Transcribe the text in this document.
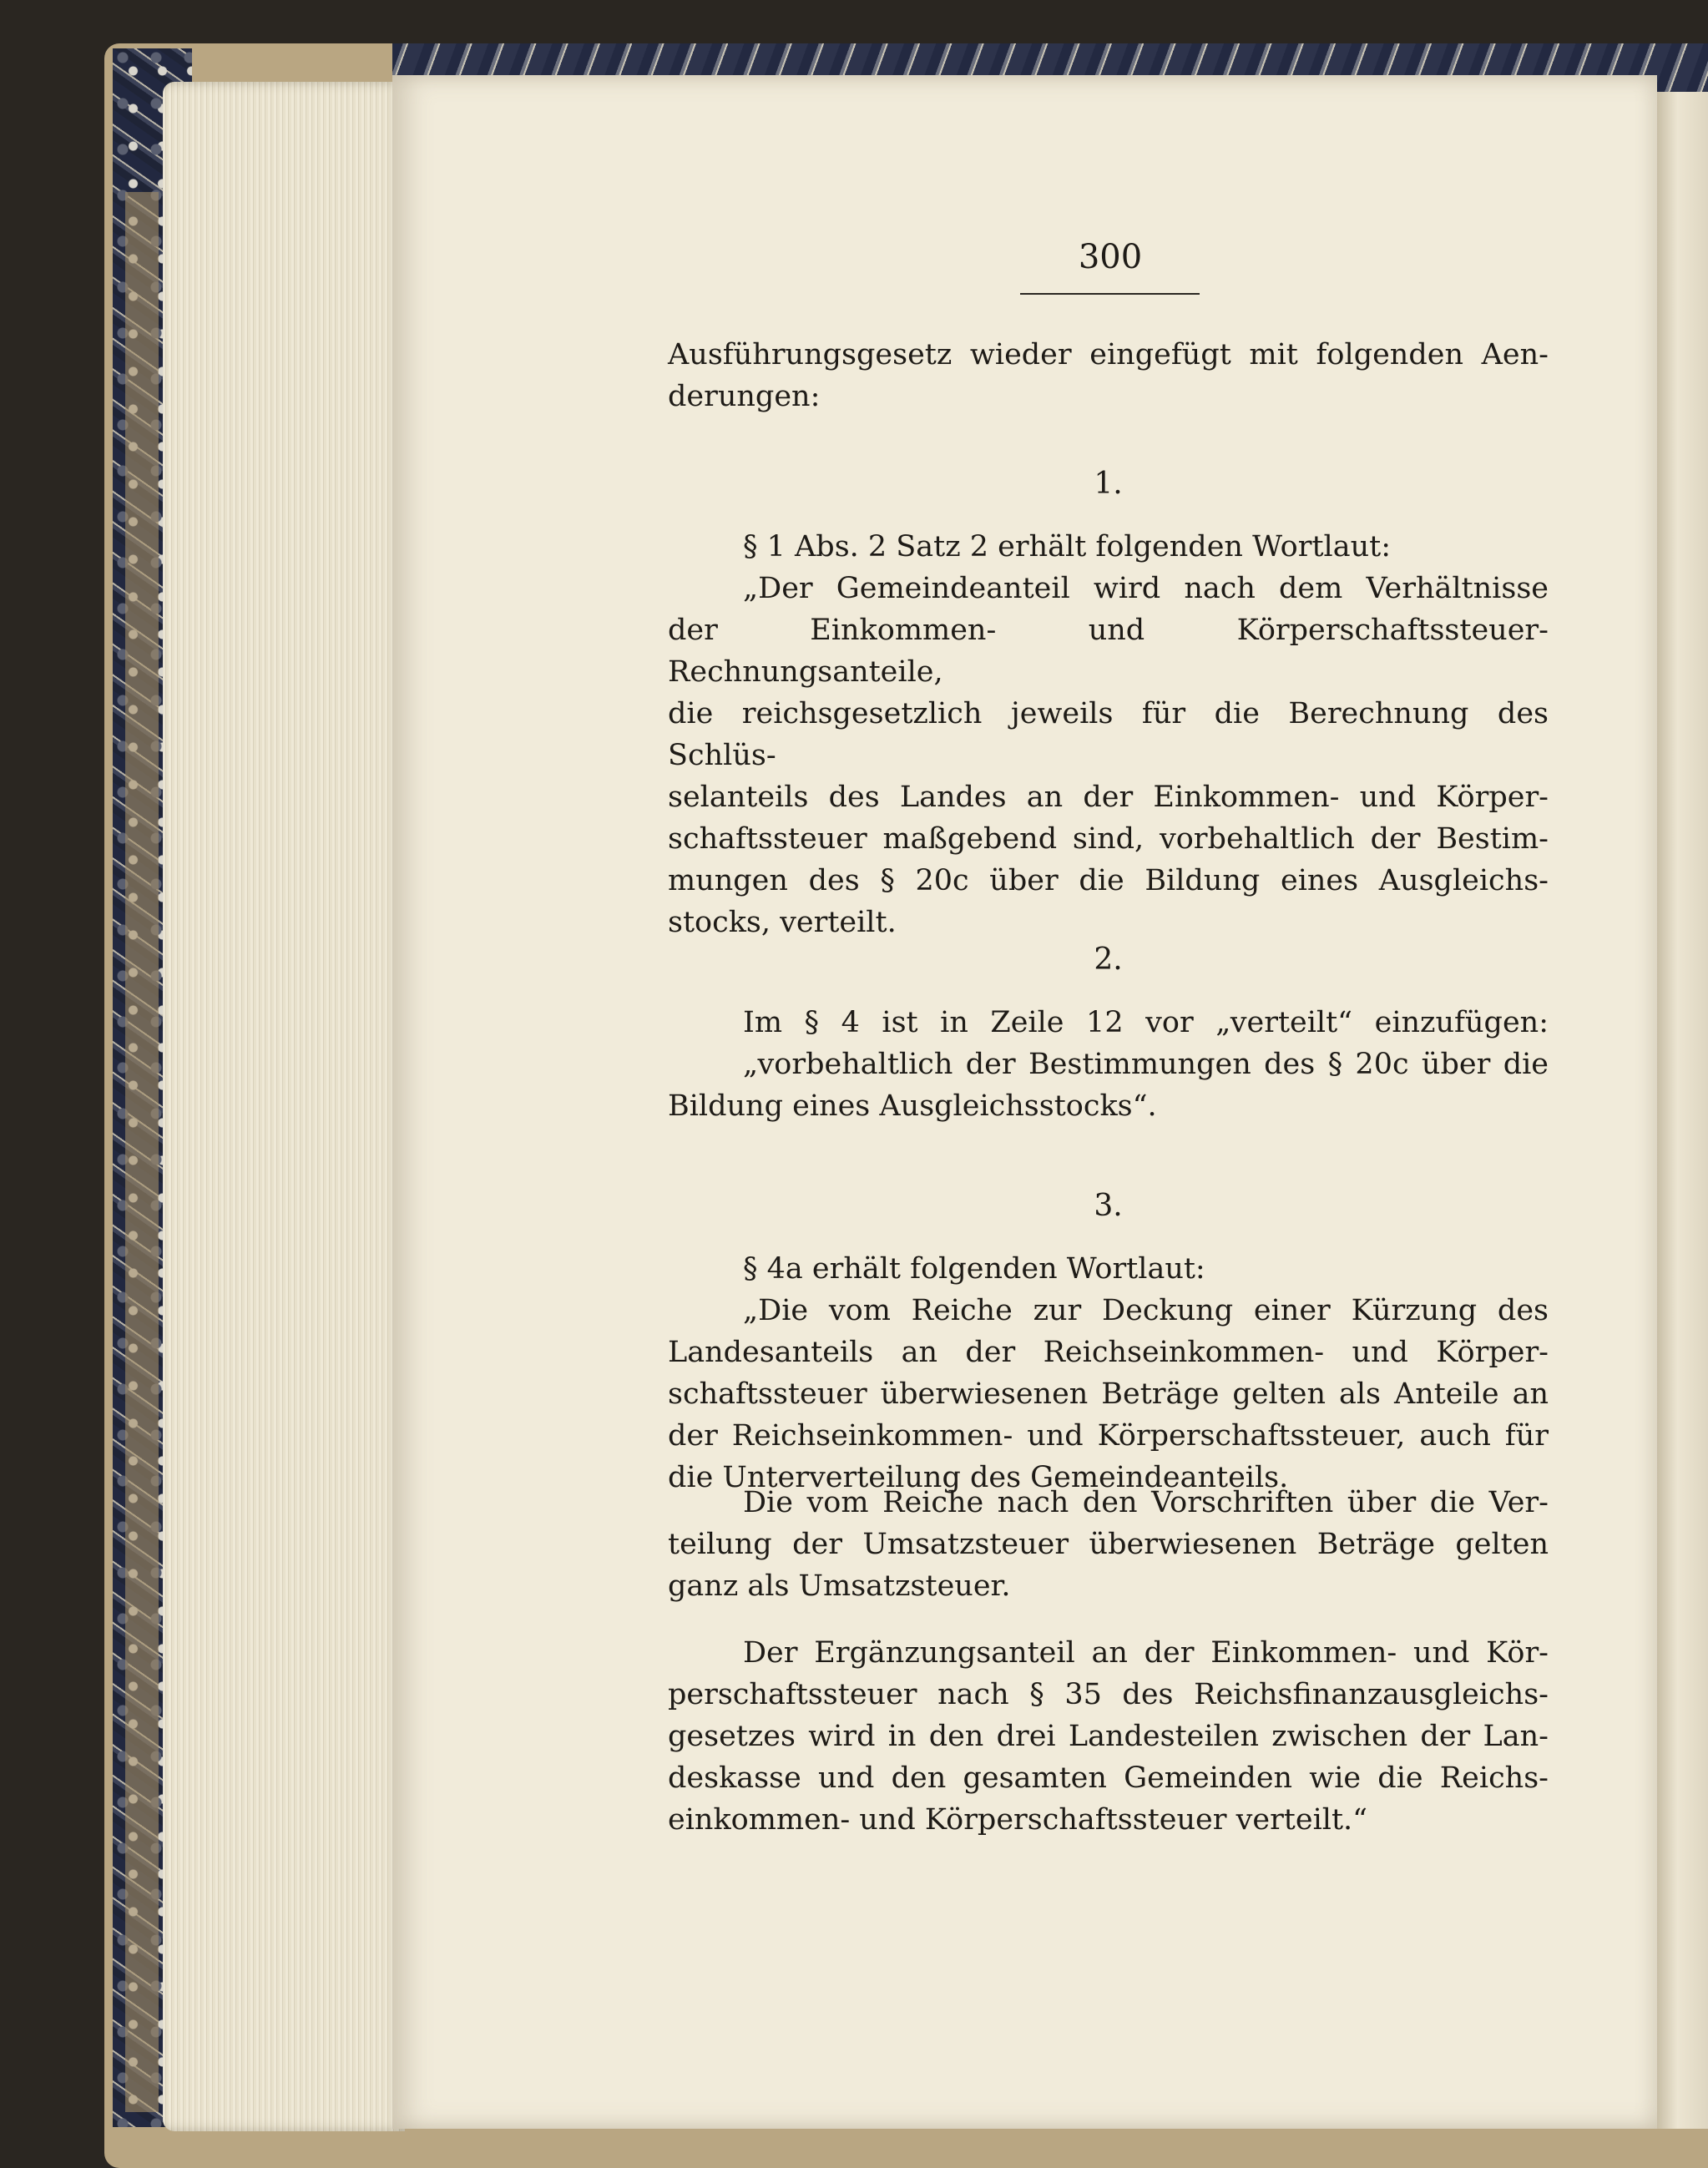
300

Ausführungsgesetz wieder eingefügt mit folgenden Aen-

derungen:

1.

§ 1 Abs. 2 Satz 2 erhält folgenden Wortlaut:

„Der Gemeindeanteil wird nach dem Verhältnisse

der Einkommen- und Körperschaftssteuer-Rechnungsanteile,

die reichsgesetzlich jeweils für die Berechnung des Schlüs-

selanteils des Landes an der Einkommen- und Körper-

schaftssteuer maßgebend sind, vorbehaltlich der Bestim-

mungen des § 20c über die Bildung eines Ausgleichs-

stocks, verteilt.

2.

Im § 4 ist in Zeile 12 vor „verteilt“ einzufügen:

„vorbehaltlich der Bestimmungen des § 20c über die

Bildung eines Ausgleichsstocks“.

3.

§ 4a erhält folgenden Wortlaut:

„Die vom Reiche zur Deckung einer Kürzung des

Landesanteils an der Reichseinkommen- und Körper-

schaftssteuer überwiesenen Beträge gelten als Anteile an

der Reichseinkommen- und Körperschaftssteuer, auch für

die Unterverteilung des Gemeindeanteils.

Die vom Reiche nach den Vorschriften über die Ver-

teilung der Umsatzsteuer überwiesenen Beträge gelten

ganz als Umsatzsteuer.

Der Ergänzungsanteil an der Einkommen- und Kör-

perschaftssteuer nach § 35 des Reichsfinanzausgleichs-

gesetzes wird in den drei Landesteilen zwischen der Lan-

deskasse und den gesamten Gemeinden wie die Reichs-

einkommen- und Körperschaftssteuer verteilt.“
